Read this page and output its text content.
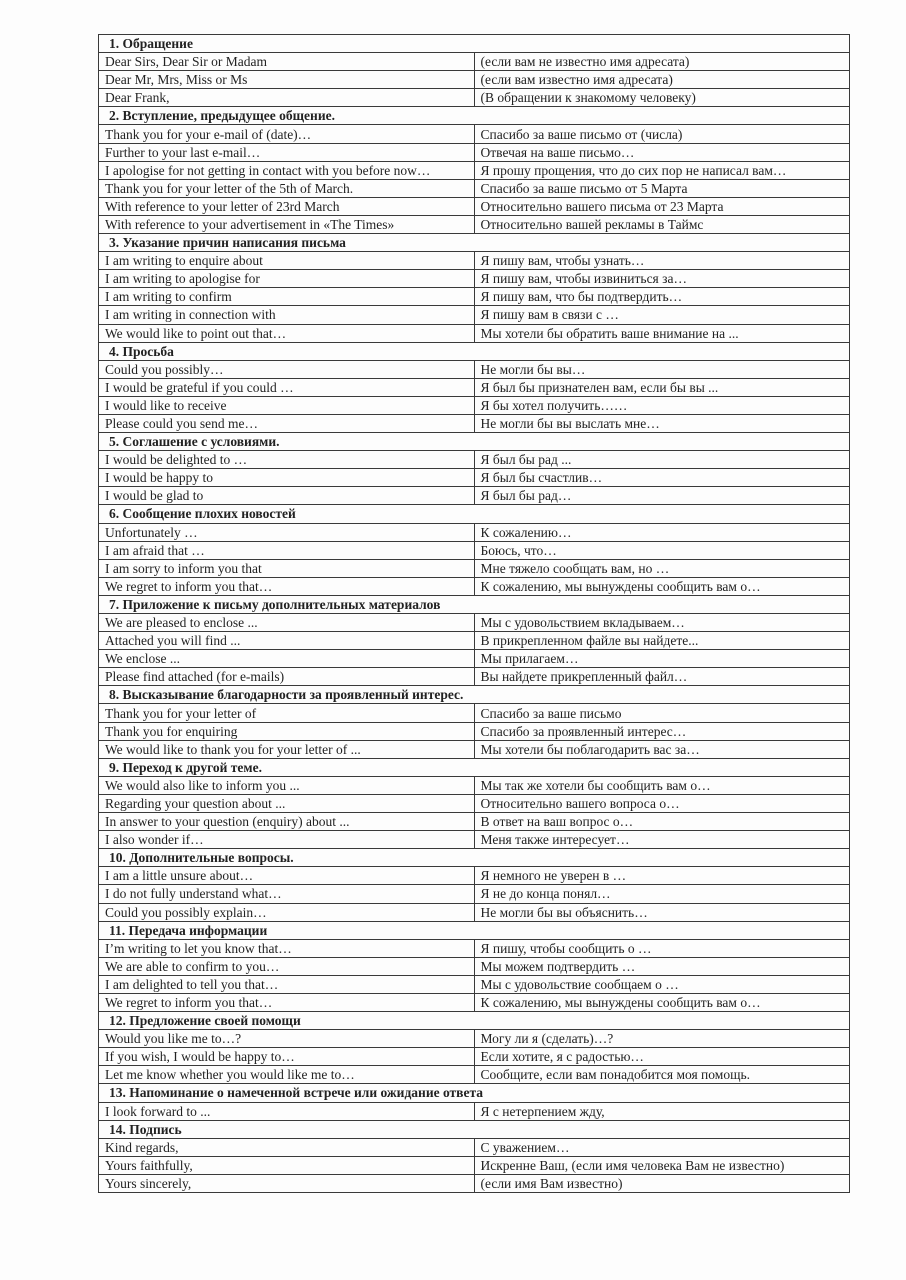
1. Обращение	
Dear Sirs, Dear Sir or Madam	(если вам не известно имя адресата)
Dear Mr, Mrs, Miss or Ms	(если вам известно имя адресата)
Dear Frank,	(В обращении к знакомому человеку)
2. Вступление, предыдущее общение.	
Thank you for your e-mail of (date)…	Спасибо за ваше письмо от (числа)
Further to your last e-mail…	Отвечая на ваше письмо…
I apologise for not getting in contact with you before now…	Я прошу прощения, что до сих пор не написал вам…
Thank you for your letter of the 5th of March.	Спасибо за ваше письмо от 5 Марта
With reference to your letter of 23rd March	Относительно вашего письма от 23 Марта
With reference to your advertisement in «The Times»	Относительно вашей рекламы в Таймс
3. Указание причин написания письма	
I am writing to enquire about	Я пишу вам, чтобы узнать…
I am writing to apologise for	Я пишу вам, чтобы извиниться за…
I am writing to confirm	Я пишу вам, что бы подтвердить…
I am writing in connection with	Я пишу вам в связи с …
We would like to point out that…	Мы хотели бы обратить ваше внимание на ...
4. Просьба	
Could you possibly…	Не могли бы вы…
I would be grateful if you could …	Я был бы признателен вам, если бы вы ...
I would like to receive	Я бы хотел получить……
Please could you send me…	Не могли бы вы выслать мне…
5. Соглашение с условиями.	
I would be delighted to …	Я был бы рад ...
I would be happy to	Я был бы счастлив…
I would be glad to	Я был бы рад…
6. Сообщение плохих новостей	
Unfortunately …	К сожалению…
I am afraid that …	Боюсь, что…
I am sorry to inform you that	Мне тяжело сообщать вам, но …
We regret to inform you that…	К сожалению, мы вынуждены сообщить вам о…
7. Приложение к письму дополнительных материалов	
We are pleased to enclose ...	Мы с удовольствием вкладываем…
Attached you will find ...	В прикрепленном файле вы найдете...
We enclose ...	Мы прилагаем…
Please find attached (for e-mails)	Вы найдете прикрепленный файл…
8. Высказывание благодарности за проявленный интерес.	
Thank you for your letter of	Спасибо за ваше письмо
Thank you for enquiring	Спасибо за проявленный интерес…
We would like to thank you for your letter of ...	Мы хотели бы поблагодарить вас за…
9. Переход к другой теме.	
We would also like to inform you ...	Мы так же хотели бы сообщить вам о…
Regarding your question about ...	Относительно вашего вопроса о…
In answer to your question (enquiry) about ...	В ответ на ваш вопрос о…
I also wonder if…	Меня также интересует…
10. Дополнительные вопросы.	
I am a little unsure about…	Я немного не уверен в …
I do not fully understand what…	Я не до конца понял…
Could you possibly explain…	Не могли бы вы объяснить…
11. Передача информации	
I’m writing to let you know that…	Я пишу, чтобы сообщить о …
We are able to confirm to you…	Мы можем подтвердить …
I am delighted to tell you that…	Мы с удовольствие сообщаем о …
We regret to inform you that…	К сожалению, мы вынуждены сообщить вам о…
12. Предложение своей помощи	
Would you like me to…?	Могу ли я (сделать)…?
If you wish, I would be happy to…	Если хотите, я с радостью…
Let me know whether you would like me to…	Сообщите, если вам понадобится моя помощь.
13. Напоминание о намеченной встрече или ожидание ответа	
I look forward to ...	Я с нетерпением жду,
14. Подпись	
Kind regards,	С уважением…
Yours faithfully,	Искренне Ваш, (если имя человека Вам не известно)
Yours sincerely,	(если имя Вам известно)
